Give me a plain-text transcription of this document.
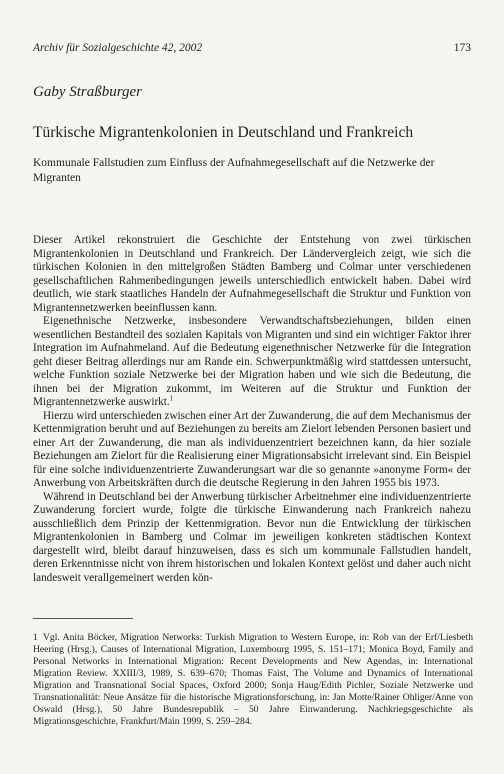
Archiv für Sozialgeschichte 42, 2002	173
Gaby Straßburger
Türkische Migrantenkolonien in Deutschland und Frankreich
Kommunale Fallstudien zum Einfluss der Aufnahmegesellschaft auf die Netzwerke der Migranten

Dieser Artikel rekonstruiert die Geschichte der Entstehung von zwei türkischen Migrantenkolonien in Deutschland und Frankreich. Der Ländervergleich zeigt, wie sich die türkischen Kolonien in den mittelgroßen Städten Bamberg und Colmar unter verschiedenen gesellschaftlichen Rahmenbedingungen jeweils unterschiedlich entwickelt haben. Dabei wird deutlich, wie stark staatliches Handeln der Aufnahmegesellschaft die Struktur und Funktion von Migrantennetzwerken beeinflussen kann.

Eigenethnische Netzwerke, insbesondere Verwandtschaftsbeziehungen, bilden einen wesentlichen Bestandteil des sozialen Kapitals von Migranten und sind ein wichtiger Faktor ihrer Integration im Aufnahmeland. Auf die Bedeutung eigenethnischer Netzwerke für die Integration geht dieser Beitrag allerdings nur am Rande ein. Schwerpunktmäßig wird stattdessen untersucht, welche Funktion soziale Netzwerke bei der Migration haben und wie sich die Bedeutung, die ihnen bei der Migration zukommt, im Weiteren auf die Struktur und Funktion der Migrantennetzwerke auswirkt.$^1$

Hierzu wird unterschieden zwischen einer Art der Zuwanderung, die auf dem Mechanismus der Kettenmigration beruht und auf Beziehungen zu bereits am Zielort lebenden Personen basiert und einer Art der Zuwanderung, die man als individuenzentriert bezeichnen kann, da hier soziale Beziehungen am Zielort für die Realisierung einer Migrationsabsicht irrelevant sind. Ein Beispiel für eine solche individuenzentrierte Zuwanderungsart war die so genannte »anonyme Form« der Anwerbung von Arbeitskräften durch die deutsche Regierung in den Jahren 1955 bis 1973.

Während in Deutschland bei der Anwerbung türkischer Arbeitnehmer eine individuenzentrierte Zuwanderung forciert wurde, folgte die türkische Einwanderung nach Frankreich nahezu ausschließlich dem Prinzip der Kettenmigration. Bevor nun die Entwicklung der türkischen Migrantenkolonien in Bamberg und Colmar im jeweiligen konkreten städtischen Kontext dargestellt wird, bleibt darauf hinzuweisen, dass es sich um kommunale Fallstudien handelt, deren Erkenntnisse nicht von ihrem historischen und lokalen Kontext gelöst und daher auch nicht landesweit verallgemeinert werden kön-

1 Vgl. Anita Böcker, Migration Networks: Turkish Migration to Western Europe, in: Rob van der Erf/Liesbeth Heering (Hrsg.), Causes of International Migration, Luxembourg 1995, S. 151–171; Monica Boyd, Family and Personal Networks in International Migration: Recent Developments and New Agendas, in: International Migration Review. XXIII/3, 1989, S. 639–670; Thomas Faist, The Volume and Dynamics of International Migration and Transnational Social Spaces, Oxford 2000; Sonja Haug/Edith Pichler, Soziale Netzwerke und Transnationalität: Neue Ansätze für die historische Migrationsforschung, in: Jan Motte/Rainer Ohliger/Anne von Oswald (Hrsg.), 50 Jahre Bundesrepublik – 50 Jahre Einwanderung. Nachkriegsgeschichte als Migrationsgeschichte, Frankfurt/Main 1999, S. 259–284.
